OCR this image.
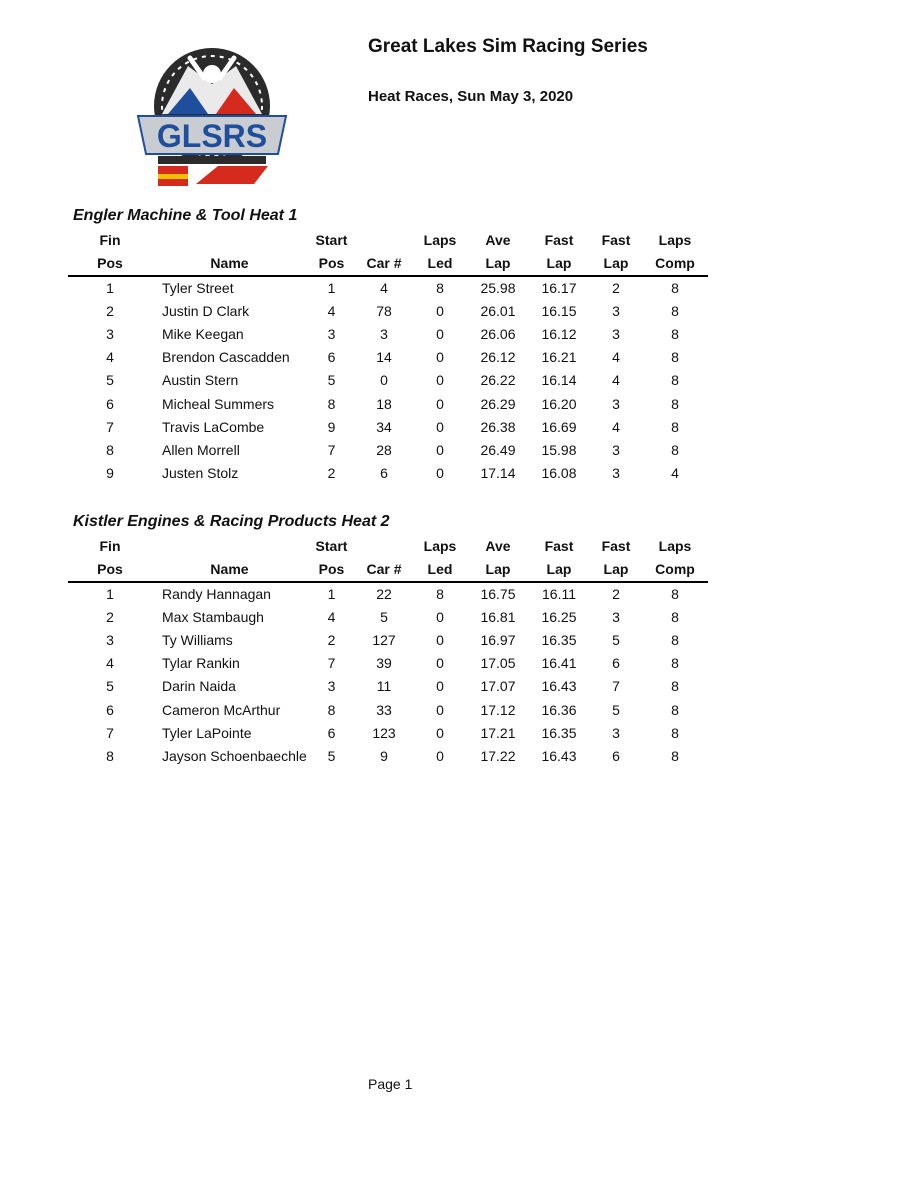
GLSRS
Great Lakes Sim Racing Series
Heat Races, Sun May 3, 2020
Engler Machine & Tool Heat 1
Fin		Start		Laps	Ave	Fast	Fast	Laps
Pos	Name	Pos	Car #	Led	Lap	Lap	Lap	Comp
1	Tyler Street	1	4	8	25.98	16.17	2	8
2	Justin D Clark	4	78	0	26.01	16.15	3	8
3	Mike Keegan	3	3	0	26.06	16.12	3	8
4	Brendon Cascadden	6	14	0	26.12	16.21	4	8
5	Austin Stern	5	0	0	26.22	16.14	4	8
6	Micheal Summers	8	18	0	26.29	16.20	3	8
7	Travis LaCombe	9	34	0	26.38	16.69	4	8
8	Allen Morrell	7	28	0	26.49	15.98	3	8
9	Justen Stolz	2	6	0	17.14	16.08	3	4
Kistler Engines & Racing Products Heat 2
Fin		Start		Laps	Ave	Fast	Fast	Laps
Pos	Name	Pos	Car #	Led	Lap	Lap	Lap	Comp
1	Randy Hannagan	1	22	8	16.75	16.11	2	8
2	Max Stambaugh	4	5	0	16.81	16.25	3	8
3	Ty Williams	2	127	0	16.97	16.35	5	8
4	Tylar Rankin	7	39	0	17.05	16.41	6	8
5	Darin Naida	3	11	0	17.07	16.43	7	8
6	Cameron McArthur	8	33	0	17.12	16.36	5	8
7	Tyler LaPointe	6	123	0	17.21	16.35	3	8
8	Jayson Schoenbaechle	5	9	0	17.22	16.43	6	8
Page 1
